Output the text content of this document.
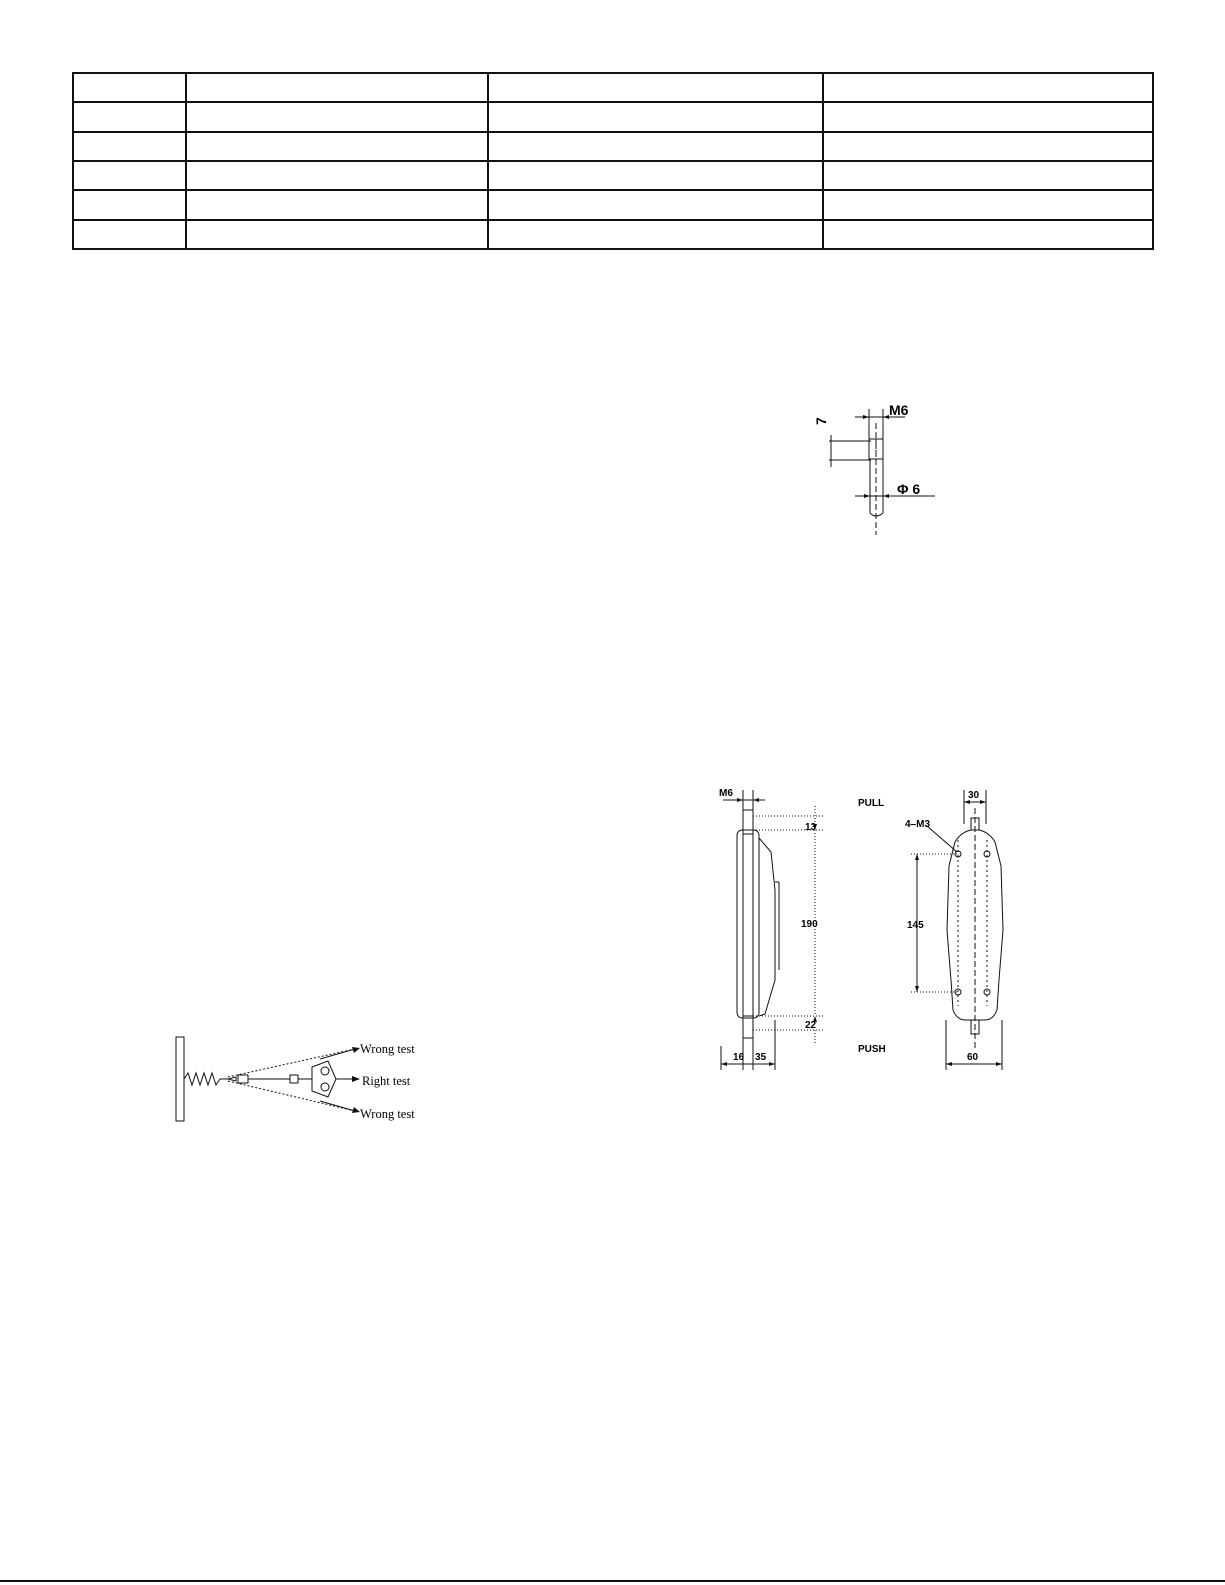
M6
7
Φ 6
Wrong test
Right test
Wrong test
M6
13
190
22
16 35
PULL
PUSH
30
4–M3
145
60
